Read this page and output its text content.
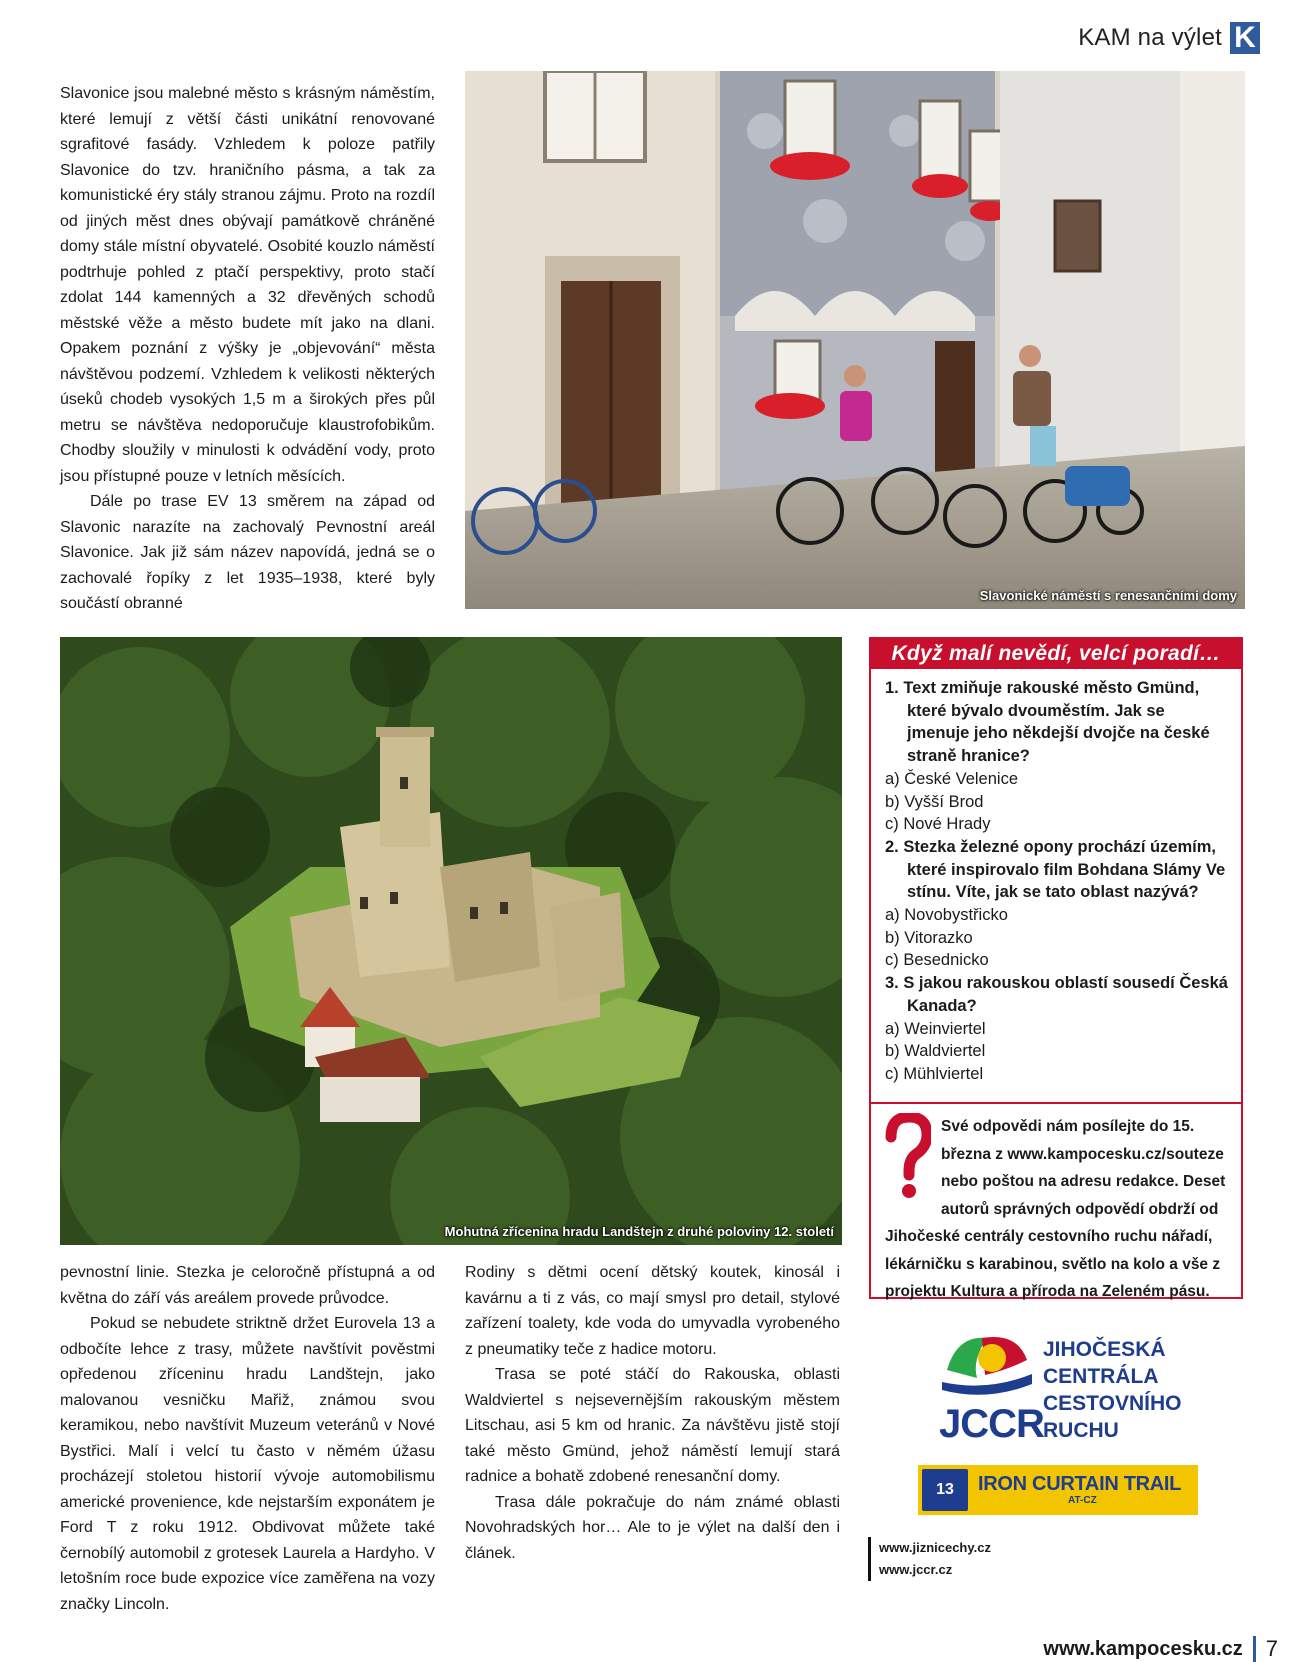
KAM na výlet K

Slavonice jsou malebné město s krásným náměstím, které lemují z větší části unikátní renovované sgrafitové fasády. Vzhledem k poloze patřily Slavonice do tzv. hraničního pásma, a tak za komunistické éry stály stranou zájmu. Proto na rozdíl od jiných měst dnes obývají památkově chráněné domy stále místní obyvatelé. Osobité kouzlo náměstí podtrhuje pohled z ptačí perspektivy, proto stačí zdolat 144 kamenných a 32 dřevěných schodů městské věže a město budete mít jako na dlani. Opakem poznání z výšky je „objevování“ města návštěvou podzemí. Vzhledem k velikosti některých úseků chodeb vysokých 1,5 m a širokých přes půl metru se návštěva nedoporučuje klaustrofobikům. Chodby sloužily v minulosti k odvádění vody, proto jsou přístupné pouze v letních měsících.

Dále po trase EV 13 směrem na západ od Slavonic narazíte na zachovalý Pevnostní areál Slavonice. Jak již sám název napovídá, jedná se o zachovalé řopíky z let 1935–1938, které byly součástí obranné	Slavonické náměstí s renesančními domy
Mohutná zřícenina hradu Landštejn z druhé poloviny 12. století

pevnostní linie. Stezka je celoročně přístupná a od května do září vás areálem provede průvodce.

Pokud se nebudete striktně držet Eurovela 13 a odbočíte lehce z trasy, můžete navštívit pověstmi opředenou zříceninu hradu Landštejn, jako malovanou vesničku Mařiž, známou svou keramikou, nebo navštívit Muzeum veteránů v Nové Bystřici. Malí i velcí tu často v němém úžasu procházejí stoletou historií vývoje automobilismu americké provenience, kde nejstarším exponátem je Ford T z roku 1912. Obdivovat můžete také černobílý automobil z grotesek Laurela a Hardyho. V letošním roce bude expozice více zaměřena na vozy značky Lincoln.

Rodiny s dětmi ocení dětský koutek, kinosál i kavárnu a ti z vás, co mají smysl pro detail, stylové zařízení toalety, kde voda do umyvadla vyrobeného z pneumatiky teče z hadice motoru.

Trasa se poté stáčí do Rakouska, oblasti Waldviertel s nejsevernějším rakouským městem Litschau, asi 5 km od hranic. Za návštěvu jistě stojí také město Gmünd, jehož náměstí lemují stará radnice a bohatě zdobené renesanční domy.

Trasa dále pokračuje do nám známé oblasti Novohradských hor… Ale to je výlet na další den i článek.

Když malí nevědí, velcí poradí…
1. Text zmiňuje rakouské město Gmünd, které bývalo dvouměstím. Jak se jmenuje jeho někdejší dvojče na české straně hranice?
a) České Velenice
b) Vyšší Brod
c) Nové Hrady
2. Stezka železné opony prochází územím, které inspirovalo film Bohdana Slámy Ve stínu. Víte, jak se tato oblast nazývá?
a) Novobystřicko
b) Vitorazko
c) Besednicko
3. S jakou rakouskou oblastí sousedí Česká Kanada?
a) Weinviertel
b) Waldviertel
c) Mühlviertel
Své odpovědi nám posílejte do 15. března z www.kampocesku.cz/souteze nebo poštou na adresu redakce. Deset autorů správných odpovědí obdrží od Jihočeské centrály cestovního ruchu nářadí, lékárničku s karabinou, světlo na kolo a vše z projektu Kultura a příroda na Zeleném pásu.
JIHOČESKÁ
CENTRÁLA
CESTOVNÍHO
RUCHU
JCCR
13	IRON CURTAIN TRAIL
AT-CZ
www.jiznicechy.cz
www.jccr.cz
www.kampocesku.cz 7
